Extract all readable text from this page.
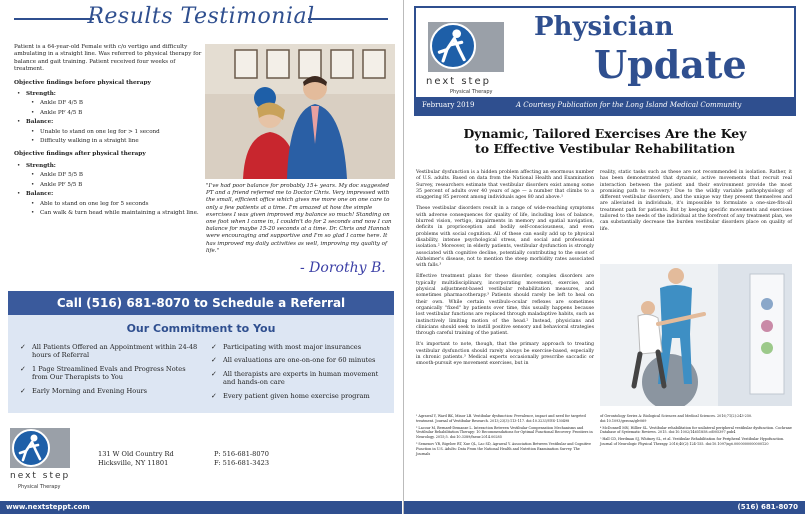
Results Testimonial

Patient is a 64-year-old Female with c/o vertigo and difficulty ambulating in a straight line. Was referred to physical therapy for balance and gait training. Patient received four weeks of treatment.

Objective findings before physical therapy
• Strength:
• Ankle DF 4/5 B
• Ankle PF 4/5 B
• Balance:
• Unable to stand on one leg for > 1 second
• Difficulty walking in a straight line
Objective findings after physical therapy
• Strength:
• Ankle DF 5/5 B
• Ankle PF 5/5 B
• Balance:
• Able to stand on one leg for 5 seconds
• Can walk & turn head while maintaining a straight line.
"I've had poor balance for probably 15+ years. My doc suggested PT and a friend referred me to Doctor Chris. Very impressed with the small, efficient office which gives me more one on one care to only a few patients at a time. I'm amazed at how the simple exercises I was given improved my balance so much! Standing on one foot when I came in, I couldn't do for 2 seconds and now I can balance for maybe 15-20 seconds at a time. Dr. Chris and Hannah were encouraging and supportive and I'm so glad I came here. It has improved my daily activities as well, improving my quality of life."
- Dorothy B.
Call (516) 681-8070 to Schedule a Referral
Our Commitment to You
✓ All Patients Offered an Appointment within 24-48 hours of Referral
✓ 1 Page Streamlined Evals and Progress Notes from Our Therapists to You
✓ Early Morning and Evening Hours
✓ Participating with most major insurances
✓ All evaluations are one-on-one for 60 minutes
✓ All therapists are experts in human movement and hands-on care
✓ Every patient given home exercise program
next step
Physical Therapy
131 W Old Country Rd
Hicksville, NY 11801
P: 516-681-8070
F: 516-681-3423
www.nextsteppt.com
next step
Physical Therapy
Physician
Update
February 2019	A Courtesy Publication for the Long Island Medical Community
Dynamic, Tailored Exercises Are the Key
to Effective Vestibular Rehabilitation

Vestibular dysfunction is a hidden problem affecting an enormous number of U.S. adults. Based on data from the National Health and Examination Survey, researchers estimate that vestibular disorders exist among some 35 percent of adults over 40 years of age — a number that climbs to a staggering 85 percent among individuals ages 80 and above.¹

These vestibular disorders result in a range of wide-reaching symptoms with adverse consequences for quality of life, including loss of balance, blurred vision, vertigo, impairments in memory and spatial navigation, deficits in proprioception and bodily self-consciousness, and even problems with social cognition. All of these can easily add up to physical disability, intense psychological stress, and social and professional isolation.² Moreover, in elderly patients, vestibular dysfunction is strongly associated with cognitive decline, potentially contributing to the onset of Alzheimer's disease, not to mention the steep morbidity rates associated with falls.³

Effective treatment plans for these disorder, complex disorders are typically multidisciplinary, incorporating movement, exercise, and physical adjustment-based vestibular rehabilitation measures, and sometimes pharmacotherapy.³ Patients should rarely be left to heal on their own. While certain vestibulo-ocular reflexes are sometimes organically "fixed" by patients over time, this usually happens because lost vestibular functions are replaced through maladaptive habits, such as instinctively limiting motion of the head.² Instead, physicians and clinicians should seek to instill positive sensory and behavioral strategies through careful training of the patient.

It's important to note, though, that the primary approach to treating vestibular dysfunction should rarely always be exercise-based, especially in chronic patients.³ Medical experts occasionally prescribe saccadic or smooth-pursuit eye movement exercises, but in

reality, static tasks such as these are not recommended in isolation. Rather, it has been demonstrated that dynamic, active movements that recruit real interaction between the patient and their environment provide the most promising path to recovery.³ Due to the wildly variable pathophysiology of different vestibular disorders, and the unique way they present themselves and are alleviated in individuals, it's impossible to formulate a one-size-fits-all treatment path for patients. But by keeping specific movements and exercises tailored to the needs of the individual at the forefront of any treatment plan, we can substantially decrease the burden vestibular disorders place on quality of life.

¹ Agrawal Y, Ward BK, Minor LB. Vestibular dysfunction: Prevalence, impact and need for targeted treatment. Journal of Vestibular Research. 2013;23(3):113-117. doi:10.3233/VES-130498

² Lacour M, Bernard-Demanze L. Interaction Between Vestibular Compensation Mechanisms and Vestibular Rehabilitation Therapy: 10 Recommendations for Optimal Functional Recovery. Frontiers in Neurology. 2015;5. doi:10.3389/fneur.2014.00285

³ Semenov YR, Bigelow RT, Xue QL, Lac SD, Agrawal Y. Association Between Vestibular and Cognitive Function in U.S. Adults: Data From the National Health and Nutrition Examination Survey. The Journals

of Gerontology Series A: Biological Sciences and Medical Sciences. 2016;71(2):243-250. doi:10.1093/gerona/glv069

⁴ McDonnell MN, Hillier SL. Vestibular rehabilitation for unilateral peripheral vestibular dysfunction. Cochrane Database of Systematic Reviews. 2015. doi:10.1002/14651858.cd005397.pub4

⁵ Hall CD, Herdman SJ, Whitney SL, et al. Vestibular Rehabilitation for Peripheral Vestibular Hypofunction. Journal of Neurologic Physical Therapy. 2016;40(2):124-155. doi:10.1097/npt.0000000000000120

(516) 681-8070
